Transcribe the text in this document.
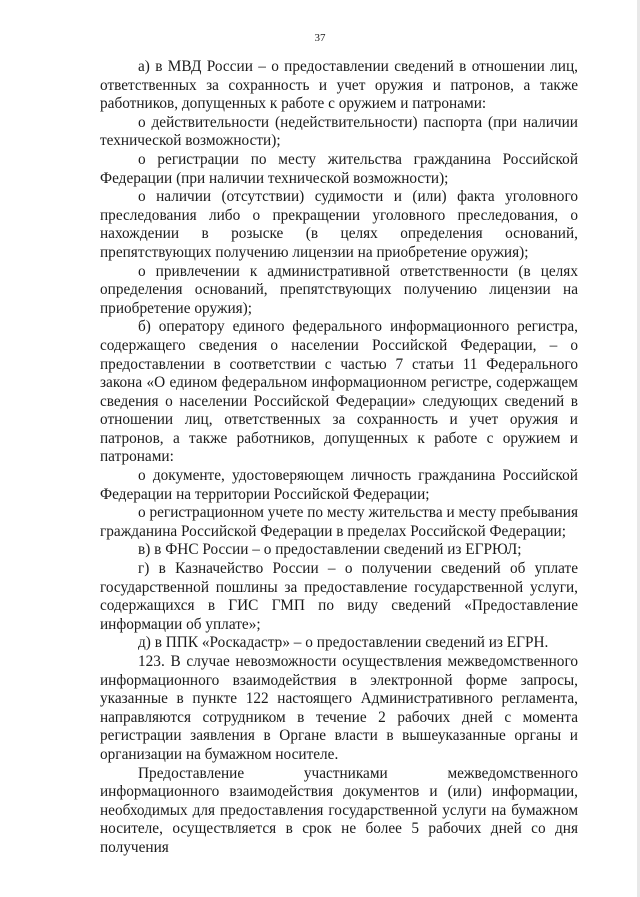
37

а) в МВД России – о предоставлении сведений в отношении лиц, ответственных за сохранность и учет оружия и патронов, а также работников, допущенных к работе с оружием и патронами:

о действительности (недействительности) паспорта (при наличии технической возможности);

о регистрации по месту жительства гражданина Российской Федерации (при наличии технической возможности);

о наличии (отсутствии) судимости и (или) факта уголовного преследования либо о прекращении уголовного преследования, о нахождении в розыске (в целях определения оснований, препятствующих получению лицензии на приобретение оружия);

о привлечении к административной ответственности (в целях определения оснований, препятствующих получению лицензии на приобретение оружия);

б) оператору единого федерального информационного регистра, содержащего сведения о населении Российской Федерации, – о предоставлении в соответствии с частью 7 статьи 11 Федерального закона «О едином федеральном информационном регистре, содержащем сведения о населении Российской Федерации» следующих сведений в отношении лиц, ответственных за сохранность и учет оружия и патронов, а также работников, допущенных к работе с оружием и патронами:

о документе, удостоверяющем личность гражданина Российской Федерации на территории Российской Федерации;

о регистрационном учете по месту жительства и месту пребывания гражданина Российской Федерации в пределах Российской Федерации;

в) в ФНС России – о предоставлении сведений из ЕГРЮЛ;

г) в Казначейство России – о получении сведений об уплате государственной пошлины за предоставление государственной услуги, содержащихся в ГИС ГМП по виду сведений «Предоставление информации об уплате»;

д) в ППК «Роскадастр» – о предоставлении сведений из ЕГРН.

123. В случае невозможности осуществления межведомственного информационного взаимодействия в электронной форме запросы, указанные в пункте 122 настоящего Административного регламента, направляются сотрудником в течение 2 рабочих дней с момента регистрации заявления в Органе власти в вышеуказанные органы и организации на бумажном носителе.

Предоставление участниками межведомственного информационного взаимодействия документов и (или) информации, необходимых для предоставления государственной услуги на бумажном носителе, осуществляется в срок не более 5 рабочих дней со дня получения
